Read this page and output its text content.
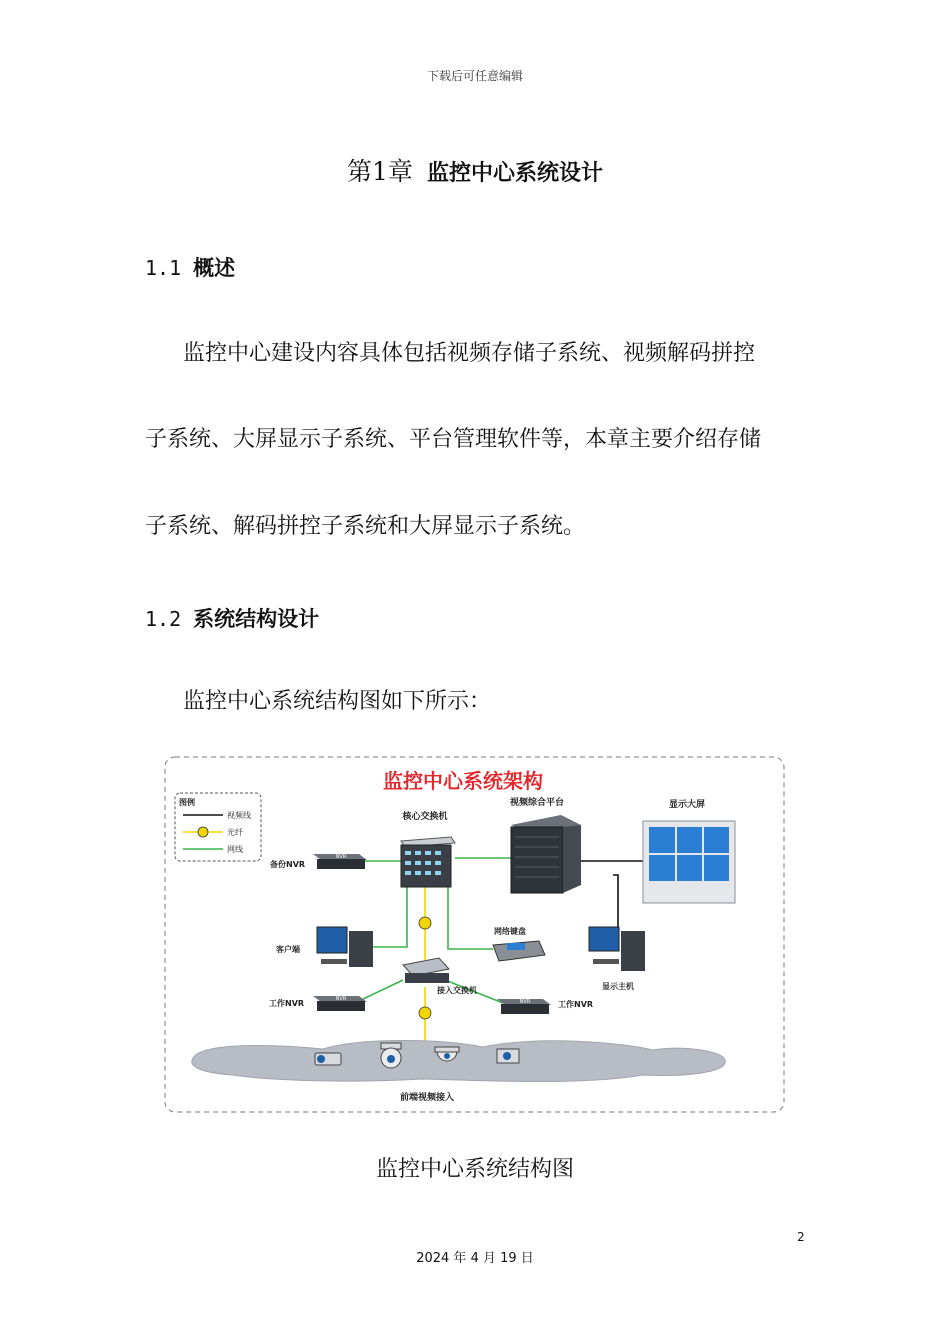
下载后可任意编辑
第1章 监控中心系统设计
1.1 概述
监控中心建设内容具体包括视频存储子系统、视频解码拼控
子系统、大屏显示子系统、平台管理软件等，本章主要介绍存储
子系统、解码拼控子系统和大屏显示子系统。
1.2 系统结构设计
监控中心系统结构图如下所示：
监控中心系统架构
图例
视频线
光纤
网线
核心交换机
视频综合平台	显示大屏
NVR
备份NVR
客户端
网络键盘
显示主机
接入交换机
NVR
工作NVR	NVR	工作NVR
前端视频接入
监控中心系统结构图
2
2024 年 4 月 19 日
